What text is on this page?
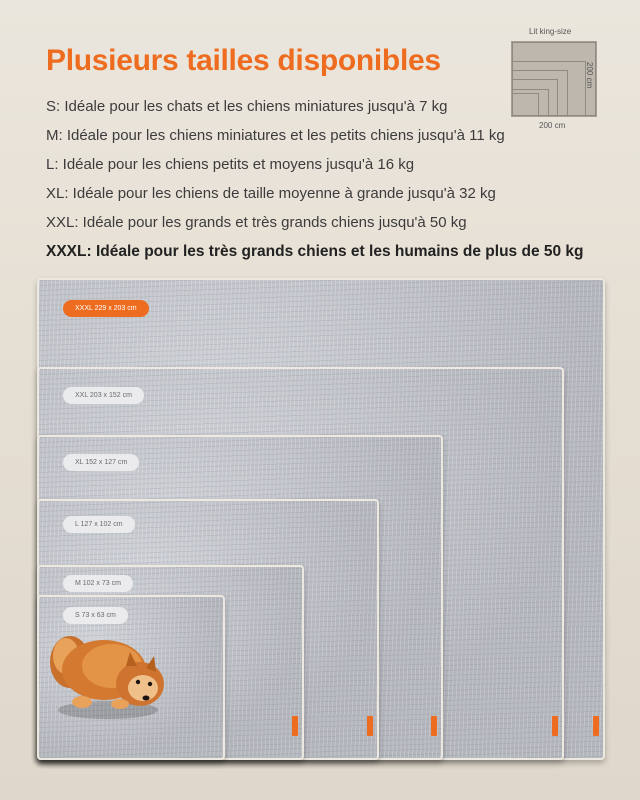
Plusieurs tailles disponibles
S: Idéale pour les chats et les chiens miniatures jusqu'à 7 kg
M: Idéale pour les chiens miniatures et les petits chiens jusqu'à 11 kg
L: Idéale pour les chiens petits et moyens jusqu'à 16 kg
XL: Idéale pour les chiens de taille moyenne à grande jusqu'à 32 kg
XXL: Idéale pour les grands et très grands chiens jusqu'à 50 kg
XXXL: Idéale pour les très grands chiens et les humains de plus de 50 kg
Lit king-size
200 cm
200 cm
XXXL 229 x 203 cm
XXL 203 x 152 cm
XL 152 x 127 cm
L 127 x 102 cm
M 102 x 73 cm
S 73 x 63 cm
